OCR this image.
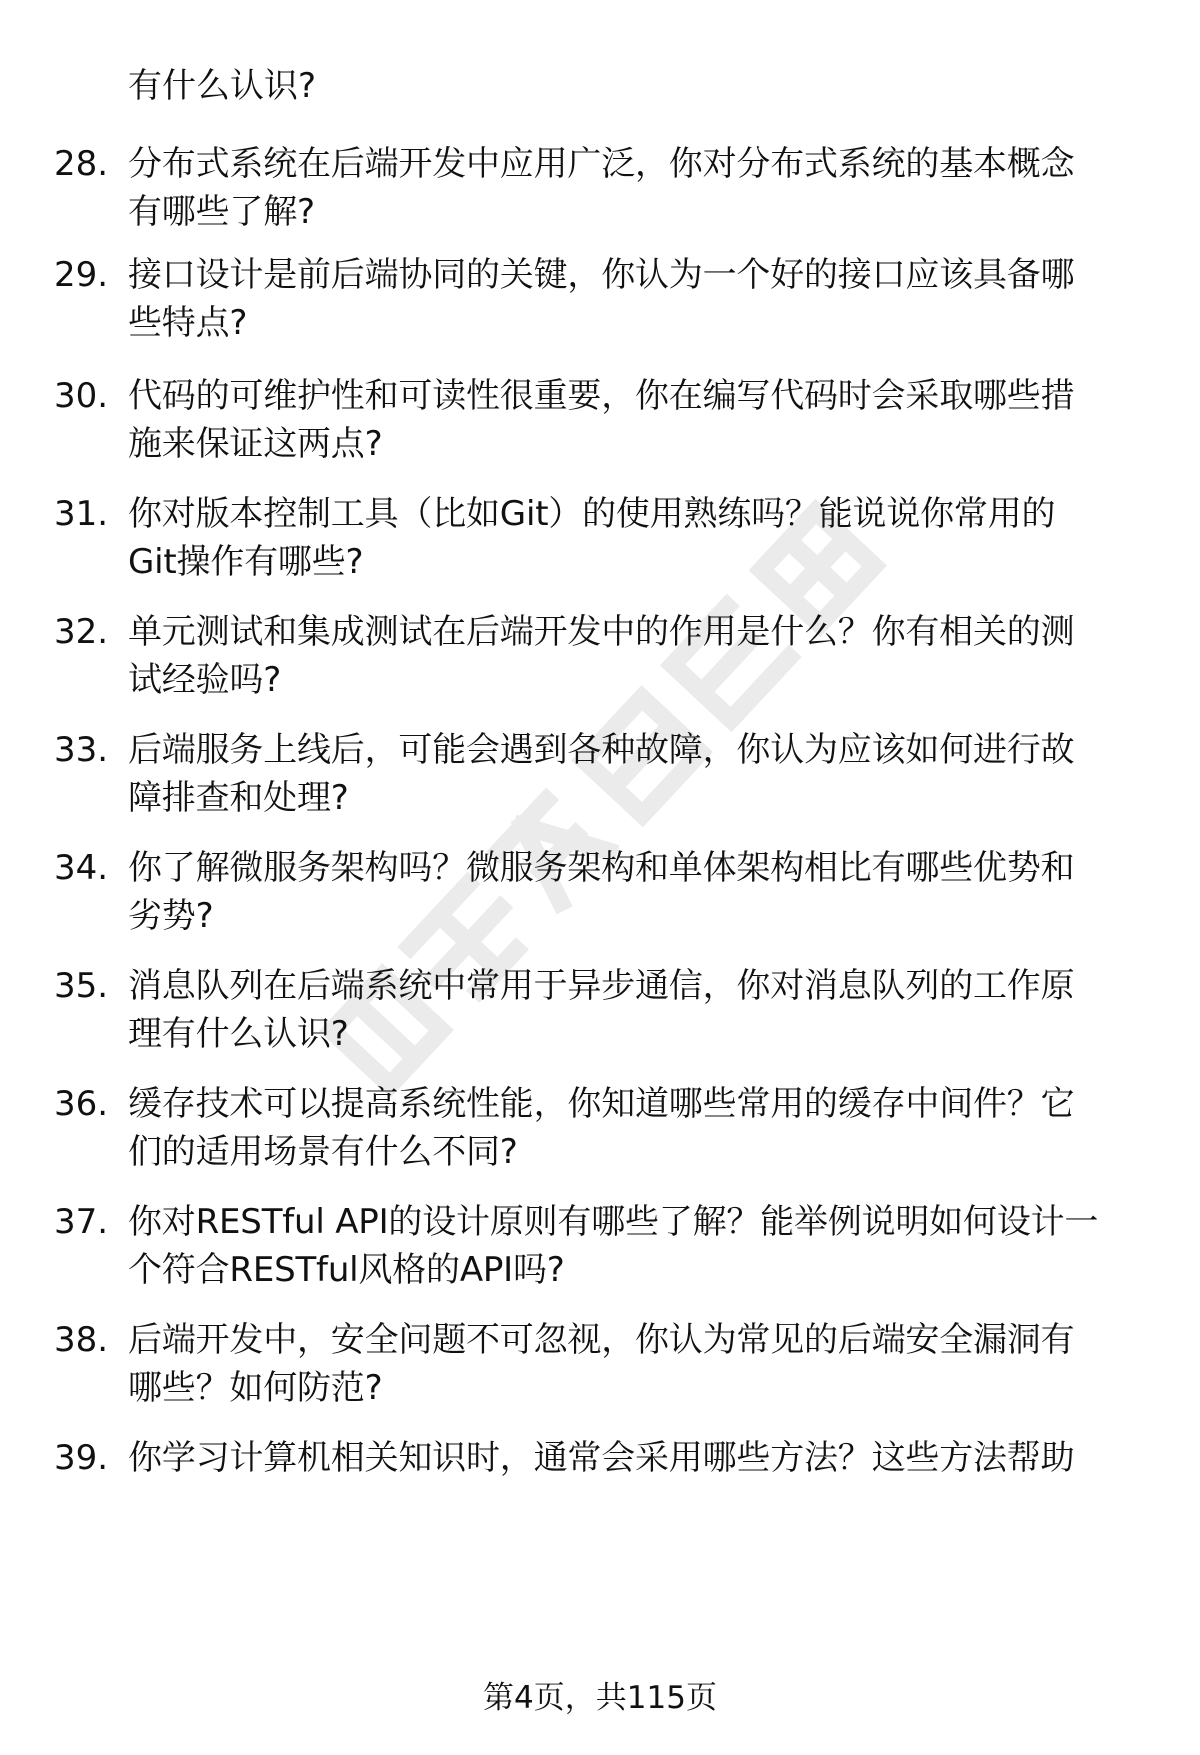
有什么认识?
28. 分布式系统在后端开发中应用广泛，你对分布式系统的基本概念
有哪些了解?
29. 接口设计是前后端协同的关键，你认为一个好的接口应该具备哪
些特点?
30. 代码的可维护性和可读性很重要，你在编写代码时会采取哪些措
施来保证这两点?
31. 你对版本控制工具（比如Git）的使用熟练吗？能说说你常用的
Git操作有哪些?
32. 单元测试和集成测试在后端开发中的作用是什么？你有相关的测
试经验吗?
33. 后端服务上线后，可能会遇到各种故障，你认为应该如何进行故
障排查和处理?
34. 你了解微服务架构吗？微服务架构和单体架构相比有哪些优势和
劣势?
35. 消息队列在后端系统中常用于异步通信，你对消息队列的工作原
理有什么认识?
36. 缓存技术可以提高系统性能，你知道哪些常用的缓存中间件？它
们的适用场景有什么不同?
37. 你对RESTful API的设计原则有哪些了解？能举例说明如何设计一
个符合RESTful风格的API吗?
38. 后端开发中，安全问题不可忽视，你认为常见的后端安全漏洞有
哪些？如何防范?
39. 你学习计算机相关知识时，通常会采用哪些方法？这些方法帮助
第4页，共115页
